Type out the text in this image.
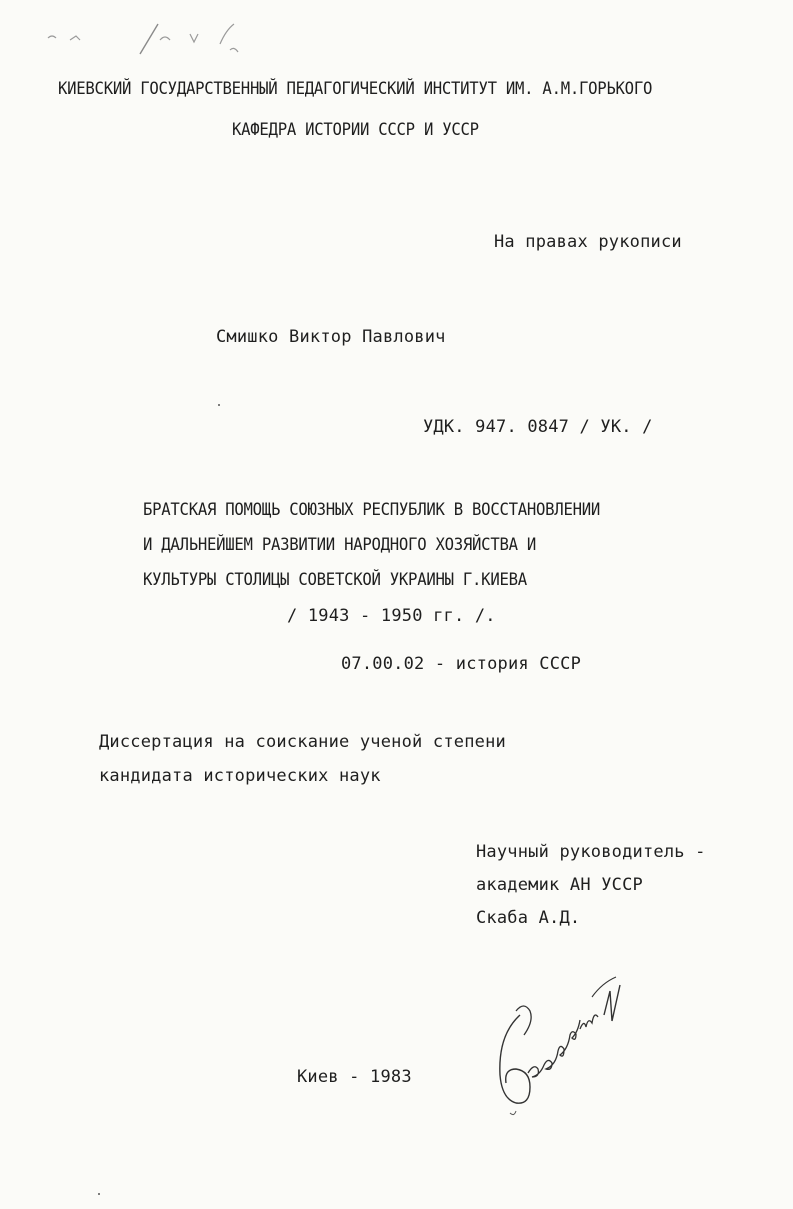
КИЕВСКИЙ ГОСУДАРСТВЕННЫЙ ПЕДАГОГИЧЕСКИЙ ИНСТИТУТ ИМ. А.М.ГОРЬКОГО

КАФЕДРА ИСТОРИИ СССР И УССР

На правах рукописи

Смишко Виктор Павлович

УДК. 947. 0847 / УК. /

БРАТСКАЯ ПОМОЩЬ СОЮЗНЫХ РЕСПУБЛИК В ВОССТАНОВЛЕНИИ

И ДАЛЬНЕЙШЕМ РАЗВИТИИ НАРОДНОГО ХОЗЯЙСТВА И

КУЛЬТУРЫ СТОЛИЦЫ СОВЕТСКОЙ УКРАИНЫ Г.КИЕВА

/ 1943 - 1950 гг. /.

07.00.02 - история СССР

Диссертация на соискание ученой степени

кандидата исторических наук

Научный руководитель -

академик АН УССР

Скаба А.Д.

Киев - 1983
